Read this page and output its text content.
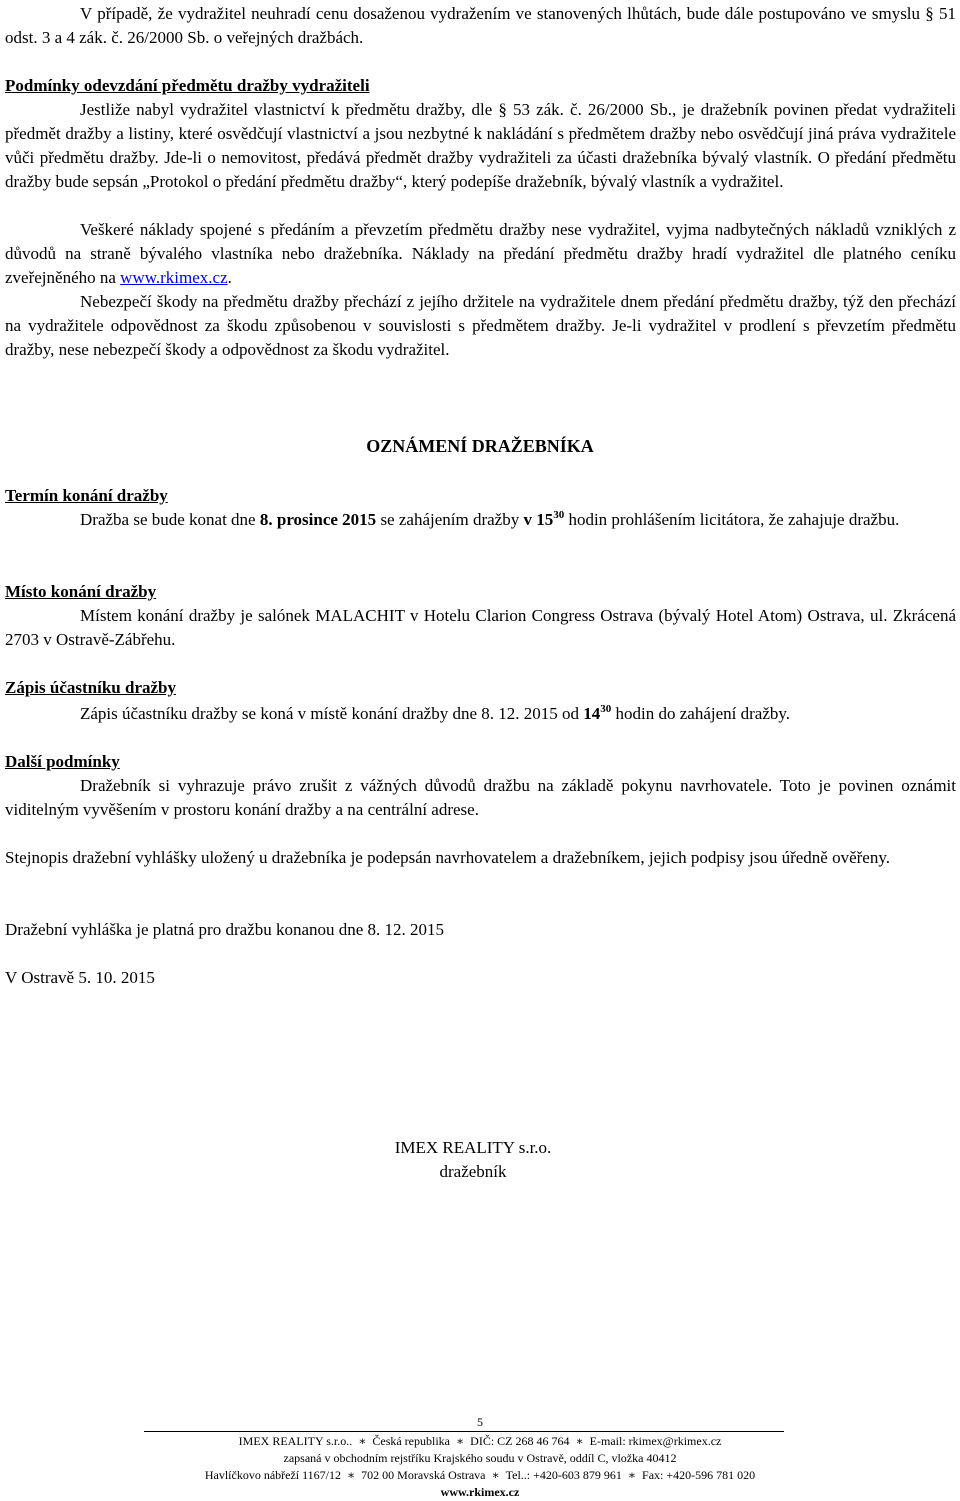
V případě, že vydražitel neuhradí cenu dosaženou vydražením ve stanovených lhůtách, bude dále postupováno ve smyslu § 51 odst. 3 a 4 zák. č. 26/2000 Sb. o veřejných dražbách.

Podmínky odevzdání předmětu dražby vydražiteli

Jestliže nabyl vydražitel vlastnictví k předmětu dražby, dle § 53 zák. č. 26/2000 Sb., je dražebník povinen předat vydražiteli předmět dražby a listiny, které osvědčují vlastnictví a jsou nezbytné k nakládání s předmětem dražby nebo osvědčují jiná práva vydražitele vůči předmětu dražby. Jde-li o nemovitost, předává předmět dražby vydražiteli za účasti dražebníka bývalý vlastník. O předání předmětu dražby bude sepsán „Protokol o předání předmětu dražby“, který podepíše dražebník, bývalý vlastník a vydražitel.

Veškeré náklady spojené s předáním a převzetím předmětu dražby nese vydražitel, vyjma nadbytečných nákladů vzniklých z důvodů na straně bývalého vlastníka nebo dražebníka. Náklady na předání předmětu dražby hradí vydražitel dle platného ceníku zveřejněného na www.rkimex.cz.

Nebezpečí škody na předmětu dražby přechází z jejího držitele na vydražitele dnem předání předmětu dražby, týž den přechází na vydražitele odpovědnost za škodu způsobenou v souvislosti s předmětem dražby. Je-li vydražitel v prodlení s převzetím předmětu dražby, nese nebezpečí škody a odpovědnost za škodu vydražitel.

OZNÁMENÍ DRAŽEBNÍKA
Termín konání dražby

Dražba se bude konat dne 8. prosince 2015 se zahájením dražby v $15^{30}$ hodin prohlášením licitátora, že zahajuje dražbu.

Místo konání dražby

Místem konání dražby je salónek MALACHIT v Hotelu Clarion Congress Ostrava (bývalý Hotel Atom) Ostrava, ul. Zkrácená 2703 v Ostravě-Zábřehu.

Zápis účastníku dražby

Zápis účastníku dražby se koná v místě konání dražby dne 8. 12. 2015 od $14^{30}$ hodin do zahájení dražby.

Další podmínky

Dražebník si vyhrazuje právo zrušit z vážných důvodů dražbu na základě pokynu navrhovatele. Toto je povinen oznámit viditelným vyvěšením v prostoru konání dražby a na centrální adrese.

Stejnopis dražební vyhlášky uložený u dražebníka je podepsán navrhovatelem a dražebníkem, jejich podpisy jsou úředně ověřeny.

Dražební vyhláška je platná pro dražbu konanou dne 8. 12. 2015

V Ostravě 5. 10. 2015

IMEX REALITY s.r.o.
dražebník
5
IMEX REALITY s.r.o.. ∗ Česká republika ∗ DIČ: CZ 268 46 764 ∗ E-mail: rkimex@rkimex.cz
zapsaná v obchodním rejstříku Krajského soudu v Ostravě, oddíl C, vložka 40412
Havlíčkovo nábřeží 1167/12 ∗ 702 00 Moravská Ostrava ∗ Tel..: +420-603 879 961 ∗ Fax: +420-596 781 020
www.rkimex.cz
